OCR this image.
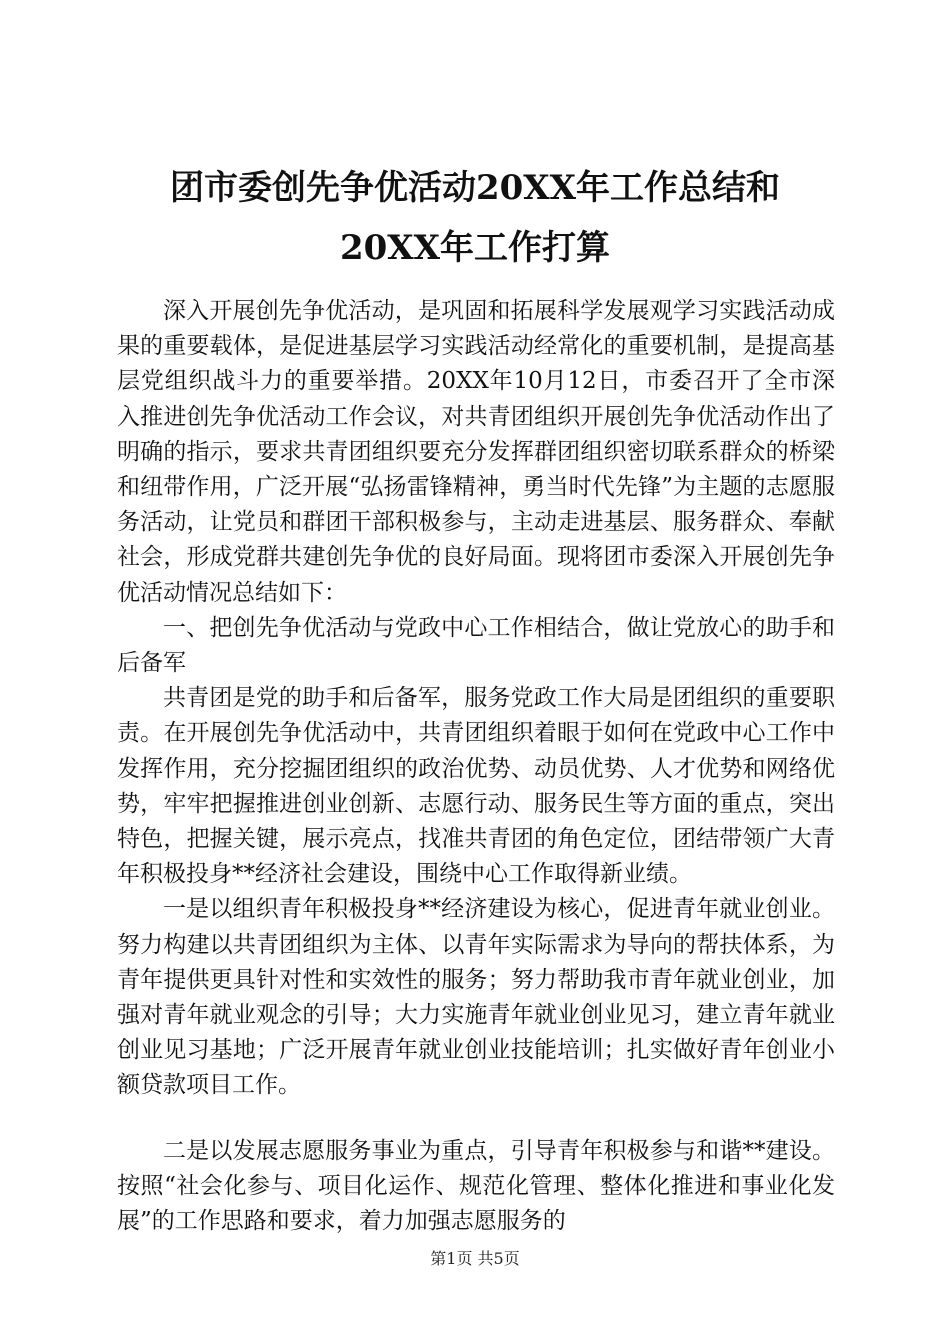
团市委创先争优活动20XX年工作总结和20XX年工作打算

深入开展创先争优活动，是巩固和拓展科学发展观学习实践活动成果的重要载体，是促进基层学习实践活动经常化的重要机制，是提高基层党组织战斗力的重要举措。20XX年10月12日，市委召开了全市深入推进创先争优活动工作会议，对共青团组织开展创先争优活动作出了明确的指示，要求共青团组织要充分发挥群团组织密切联系群众的桥梁和纽带作用，广泛开展“弘扬雷锋精神，勇当时代先锋”为主题的志愿服务活动，让党员和群团干部积极参与，主动走进基层、服务群众、奉献社会，形成党群共建创先争优的良好局面。现将团市委深入开展创先争优活动情况总结如下：

一、把创先争优活动与党政中心工作相结合，做让党放心的助手和后备军

共青团是党的助手和后备军，服务党政工作大局是团组织的重要职责。在开展创先争优活动中，共青团组织着眼于如何在党政中心工作中发挥作用，充分挖掘团组织的政治优势、动员优势、人才优势和网络优势，牢牢把握推进创业创新、志愿行动、服务民生等方面的重点，突出特色，把握关键，展示亮点，找准共青团的角色定位，团结带领广大青年积极投身**经济社会建设，围绕中心工作取得新业绩。

一是以组织青年积极投身**经济建设为核心，促进青年就业创业。努力构建以共青团组织为主体、以青年实际需求为导向的帮扶体系，为青年提供更具针对性和实效性的服务；努力帮助我市青年就业创业，加强对青年就业观念的引导；大力实施青年就业创业见习，建立青年就业创业见习基地；广泛开展青年就业创业技能培训；扎实做好青年创业小额贷款项目工作。

二是以发展志愿服务事业为重点，引导青年积极参与和谐**建设。按照“社会化参与、项目化运作、规范化管理、整体化推进和事业化发展”的工作思路和要求，着力加强志愿服务的

第1页 共5页
